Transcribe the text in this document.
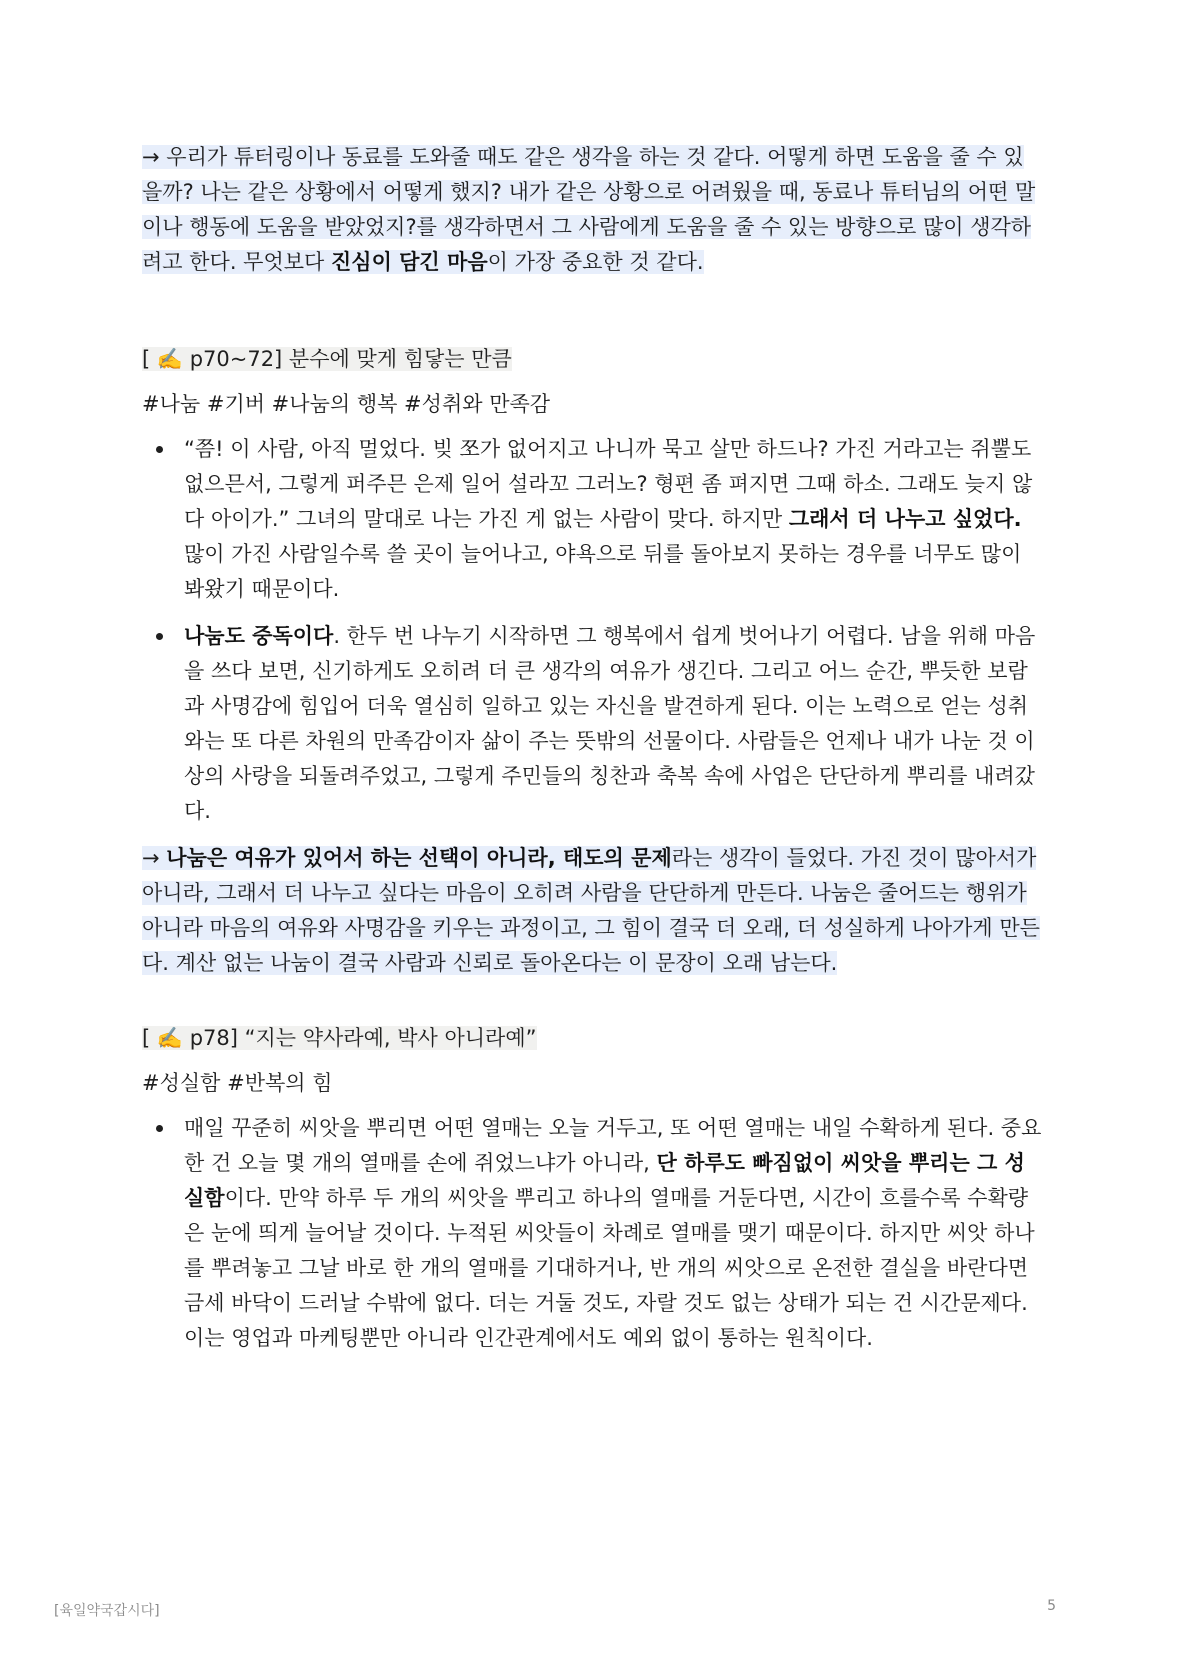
→ 우리가 튜터링이나 동료를 도와줄 때도 같은 생각을 하는 것 같다. 어떻게 하면 도움을 줄 수 있을까? 나는 같은 상황에서 어떻게 했지? 내가 같은 상황으로 어려웠을 때, 동료나 튜터님의 어떤 말이나 행동에 도움을 받았었지?를 생각하면서 그 사람에게 도움을 줄 수 있는 방향으로 많이 생각하려고 한다. 무엇보다 진심이 담긴 마음이 가장 중요한 것 같다.

[ ✍️ p70~72] 분수에 맞게 힘닿는 만큼

#나눔 #기버 #나눔의 행복 #성취와 만족감

“쯤! 이 사람, 아직 멀었다. 빚 쪼가 없어지고 나니까 묵고 살만 하드나? 가진 거라고는 쥐뿔도 없으믄서, 그렇게 퍼주믄 은제 일어 설라꼬 그러노? 형편 좀 펴지면 그때 하소. 그래도 늦지 않다 아이가.” 그녀의 말대로 나는 가진 게 없는 사람이 맞다. 하지만 그래서 더 나누고 싶었다. 많이 가진 사람일수록 쓸 곳이 늘어나고, 야욕으로 뒤를 돌아보지 못하는 경우를 너무도 많이 봐왔기 때문이다.
나눔도 중독이다. 한두 번 나누기 시작하면 그 행복에서 쉽게 벗어나기 어렵다. 남을 위해 마음을 쓰다 보면, 신기하게도 오히려 더 큰 생각의 여유가 생긴다. 그리고 어느 순간, 뿌듯한 보람과 사명감에 힘입어 더욱 열심히 일하고 있는 자신을 발견하게 된다. 이는 노력으로 얻는 성취와는 또 다른 차원의 만족감이자 삶이 주는 뜻밖의 선물이다. 사람들은 언제나 내가 나눈 것 이상의 사랑을 되돌려주었고, 그렇게 주민들의 칭찬과 축복 속에 사업은 단단하게 뿌리를 내려갔다.

→ 나눔은 여유가 있어서 하는 선택이 아니라, 태도의 문제라는 생각이 들었다. 가진 것이 많아서가 아니라, 그래서 더 나누고 싶다는 마음이 오히려 사람을 단단하게 만든다. 나눔은 줄어드는 행위가 아니라 마음의 여유와 사명감을 키우는 과정이고, 그 힘이 결국 더 오래, 더 성실하게 나아가게 만든다. 계산 없는 나눔이 결국 사람과 신뢰로 돌아온다는 이 문장이 오래 남는다.

[ ✍️ p78] “지는 약사라예, 박사 아니라예”

#성실함 #반복의 힘

매일 꾸준히 씨앗을 뿌리면 어떤 열매는 오늘 거두고, 또 어떤 열매는 내일 수확하게 된다. 중요한 건 오늘 몇 개의 열매를 손에 쥐었느냐가 아니라, 단 하루도 빠짐없이 씨앗을 뿌리는 그 성실함이다. 만약 하루 두 개의 씨앗을 뿌리고 하나의 열매를 거둔다면, 시간이 흐를수록 수확량은 눈에 띄게 늘어날 것이다. 누적된 씨앗들이 차례로 열매를 맺기 때문이다. 하지만 씨앗 하나를 뿌려놓고 그날 바로 한 개의 열매를 기대하거나, 반 개의 씨앗으로 온전한 결실을 바란다면 금세 바닥이 드러날 수밖에 없다. 더는 거둘 것도, 자랄 것도 없는 상태가 되는 건 시간문제다. 이는 영업과 마케팅뿐만 아니라 인간관계에서도 예외 없이 통하는 원칙이다.
[육일약국갑시다]	5
